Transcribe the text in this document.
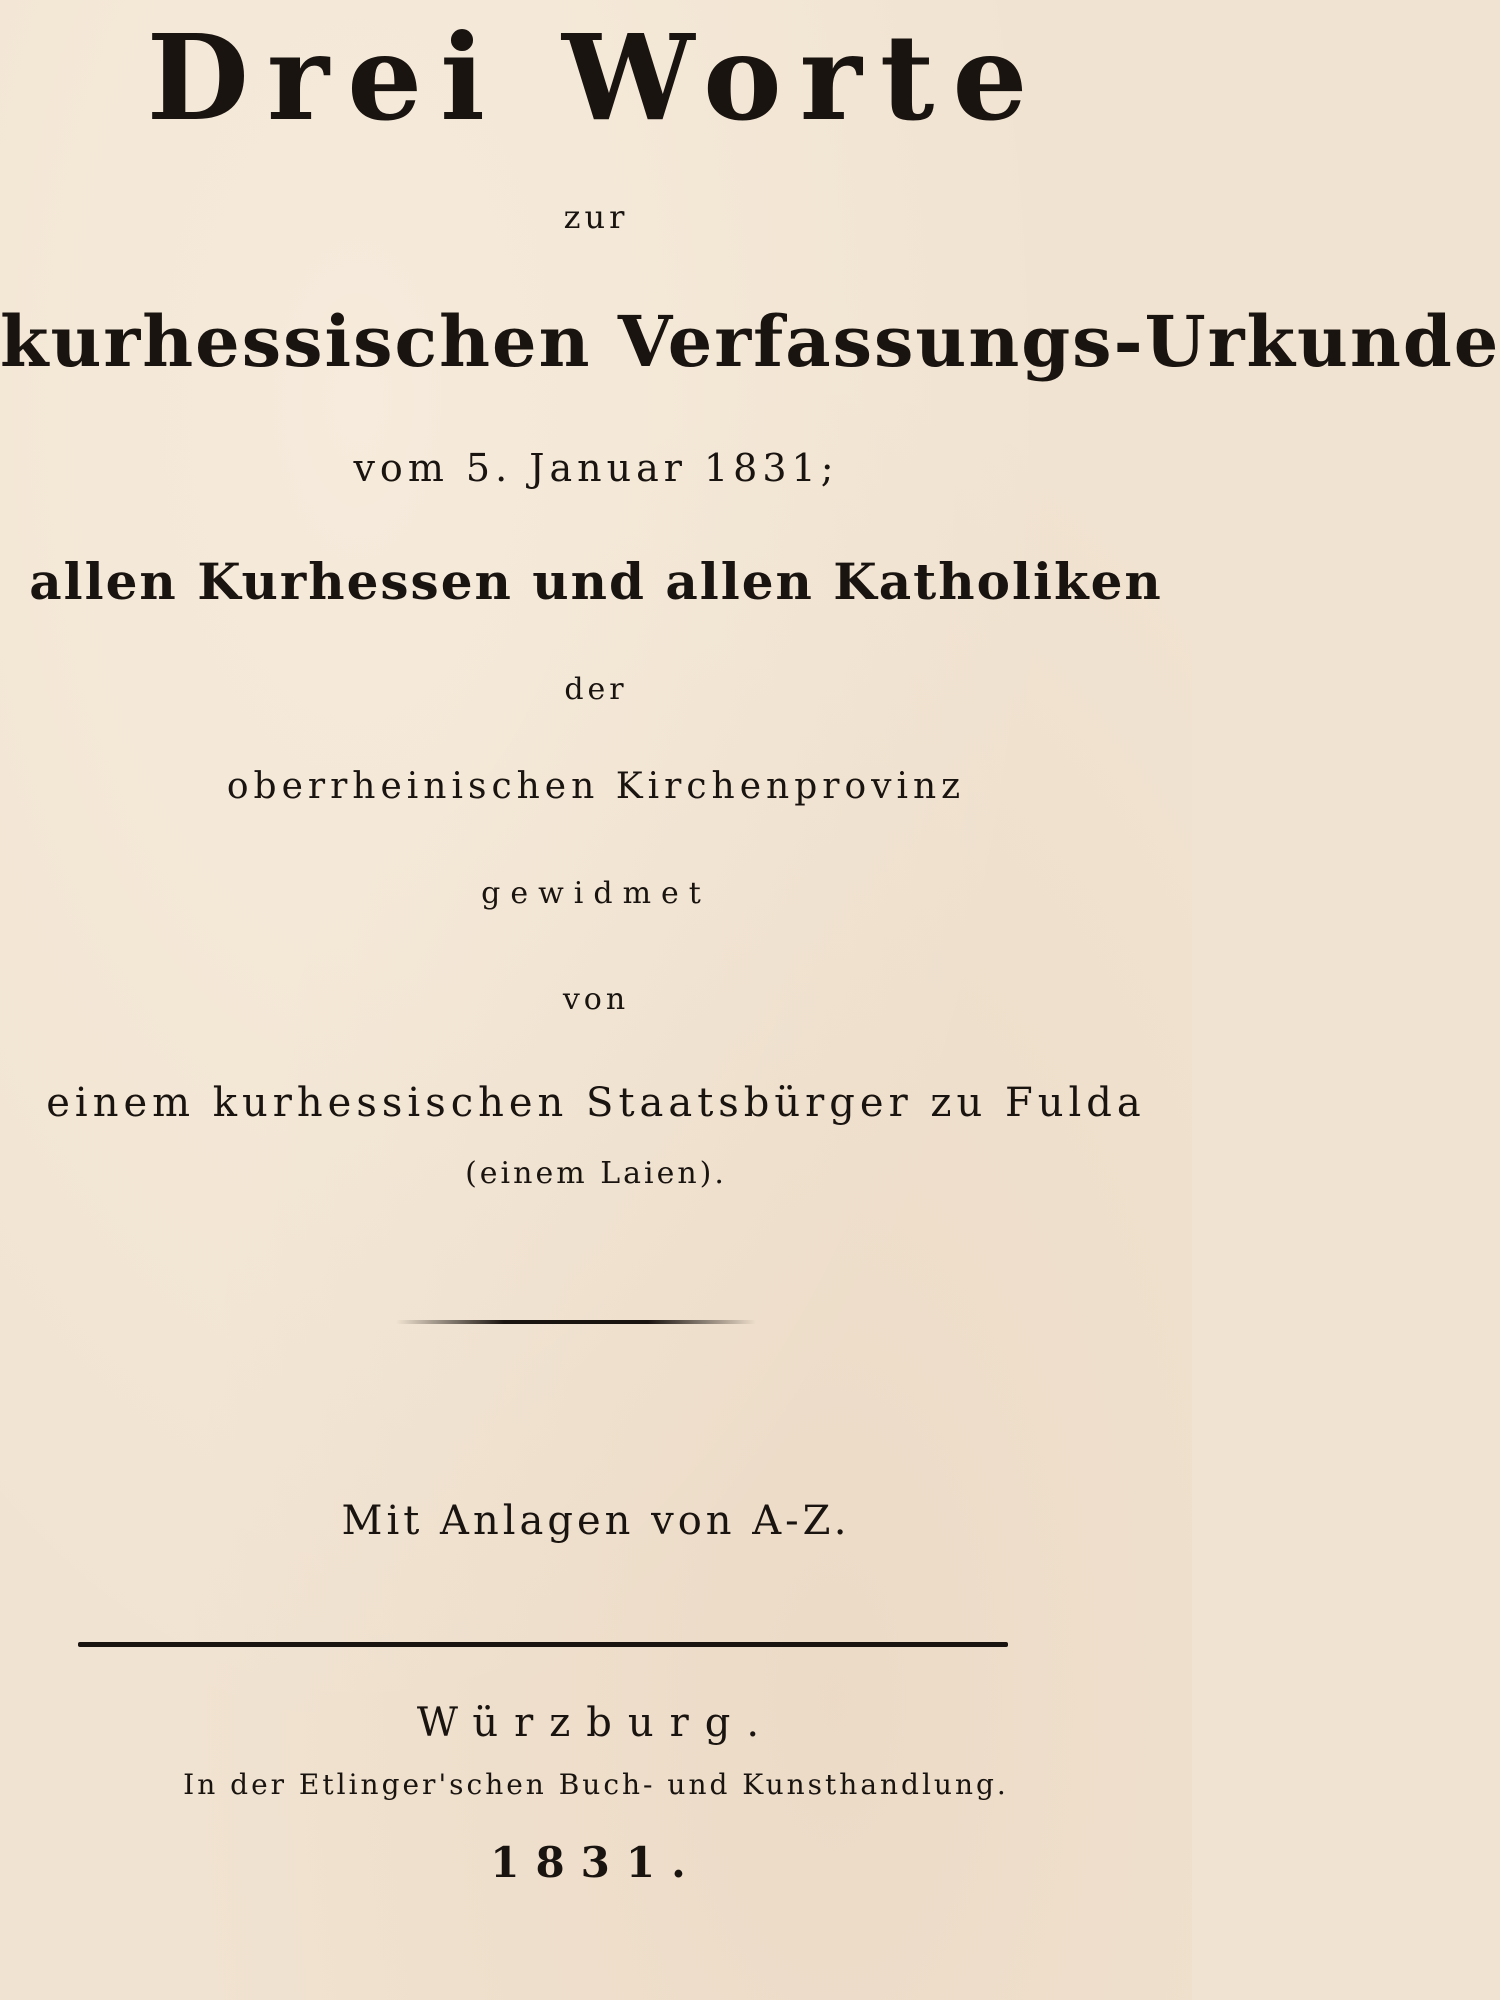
Drei Worte
zur
kurhessischen Verfassungs-Urkunde
vom 5. Januar 1831;
allen Kurhessen und allen Katholiken
der
oberrheinischen Kirchenprovinz
gewidmet
von
einem kurhessischen Staatsbürger zu Fulda
(einem Laien).
Mit Anlagen von A-Z.
Würzburg.
In der Etlinger'schen Buch- und Kunsthandlung.
1831.
